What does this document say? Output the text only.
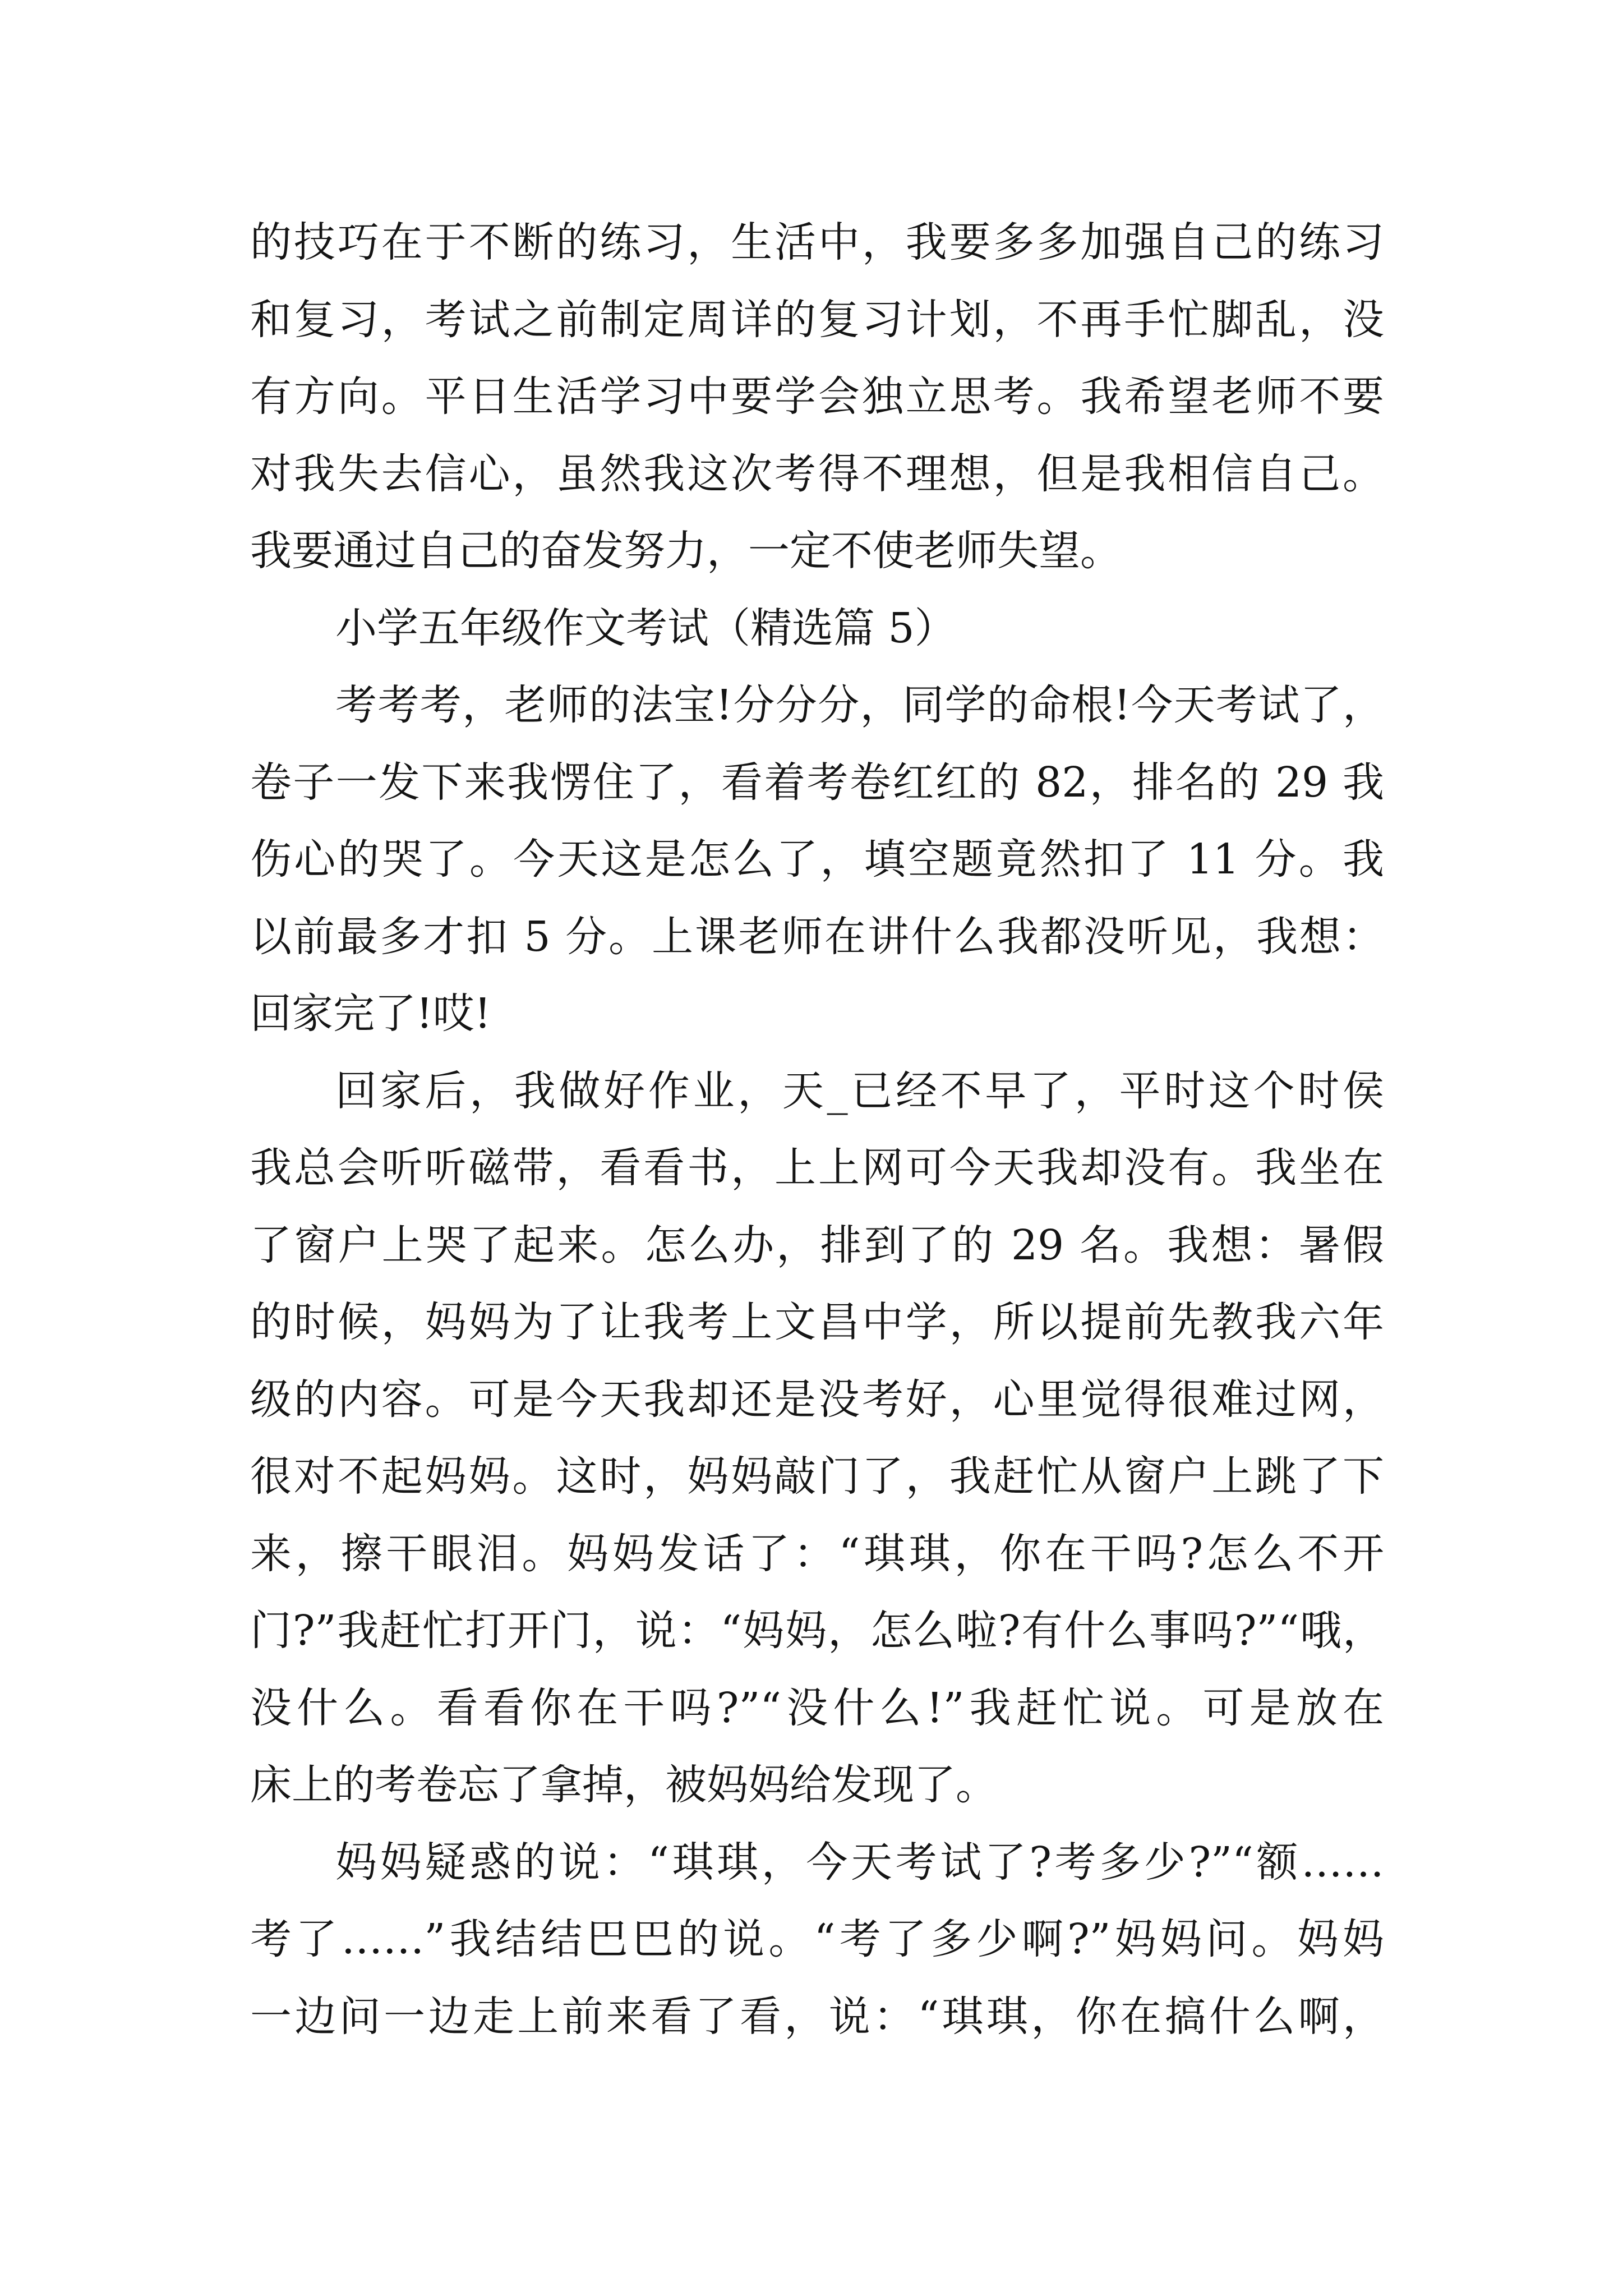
的技巧在于不断的练习，生活中，我要多多加强自己的练习
和复习，考试之前制定周详的复习计划，不再手忙脚乱，没
有方向。平日生活学习中要学会独立思考。我希望老师不要
对我失去信心，虽然我这次考得不理想，但是我相信自己。
我要通过自己的奋发努力，一定不使老师失望。
小学五年级作文考试（精选篇 5）
考考考，老师的法宝!分分分，同学的命根!今天考试了，
卷子一发下来我愣住了，看着考卷红红的 82，排名的 29 我
伤心的哭了。今天这是怎么了，填空题竟然扣了 11 分。我
以前最多才扣 5 分。上课老师在讲什么我都没听见，我想：
回家完了!哎!
回家后，我做好作业，天_已经不早了，平时这个时侯
我总会听听磁带，看看书，上上网可今天我却没有。我坐在
了窗户上哭了起来。怎么办，排到了的 29 名。我想：暑假
的时候，妈妈为了让我考上文昌中学，所以提前先教我六年
级的内容。可是今天我却还是没考好，心里觉得很难过网，
很对不起妈妈。这时，妈妈敲门了，我赶忙从窗户上跳了下
来，擦干眼泪。妈妈发话了：“琪琪，你在干吗?怎么不开
门?”我赶忙打开门，说：“妈妈，怎么啦?有什么事吗?”“哦，
没什么。看看你在干吗?”“没什么!”我赶忙说。可是放在
床上的考卷忘了拿掉，被妈妈给发现了。
妈妈疑惑的说：“琪琪，今天考试了?考多少?”“额……
考了……”我结结巴巴的说。“考了多少啊?”妈妈问。妈妈
一边问一边走上前来看了看，说：“琪琪，你在搞什么啊，
